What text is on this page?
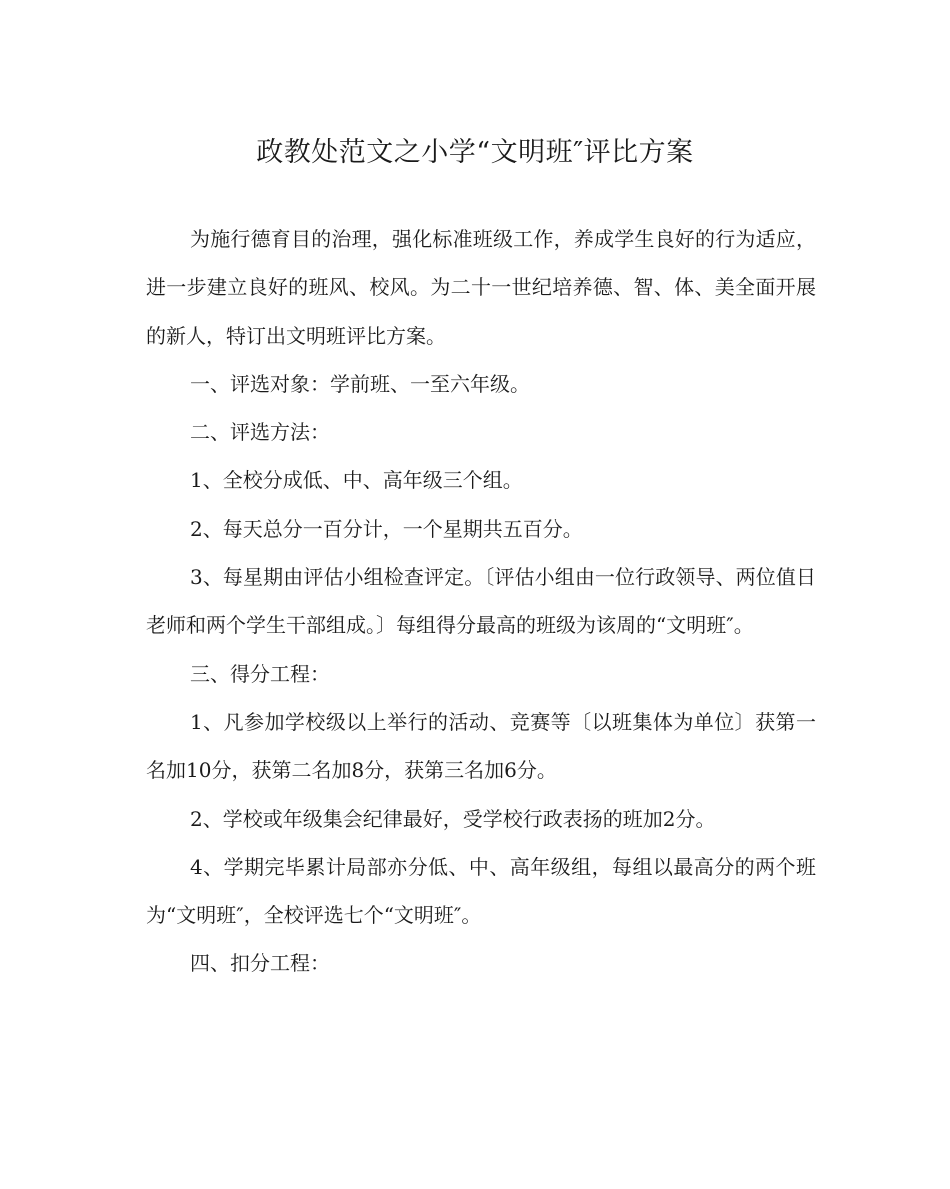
政教处范文之小学“文明班″评比方案

为施行德育目的治理，强化标准班级工作，养成学生良好的行为适应，进一步建立良好的班风、校风。为二十一世纪培养德、智、体、美全面开展的新人，特订出文明班评比方案。

一、评选对象：学前班、一至六年级。

二、评选方法：

1、全校分成低、中、高年级三个组。

2、每天总分一百分计，一个星期共五百分。

3、每星期由评估小组检查评定。〔评估小组由一位行政领导、两位值日老师和两个学生干部组成。〕每组得分最高的班级为该周的“文明班″。

三、得分工程：

1、凡参加学校级以上举行的活动、竞赛等〔以班集体为单位〕获第一名加10分，获第二名加8分，获第三名加6分。

2、学校或年级集会纪律最好，受学校行政表扬的班加2分。

4、学期完毕累计局部亦分低、中、高年级组，每组以最高分的两个班为“文明班″，全校评选七个“文明班″。

四、扣分工程：
